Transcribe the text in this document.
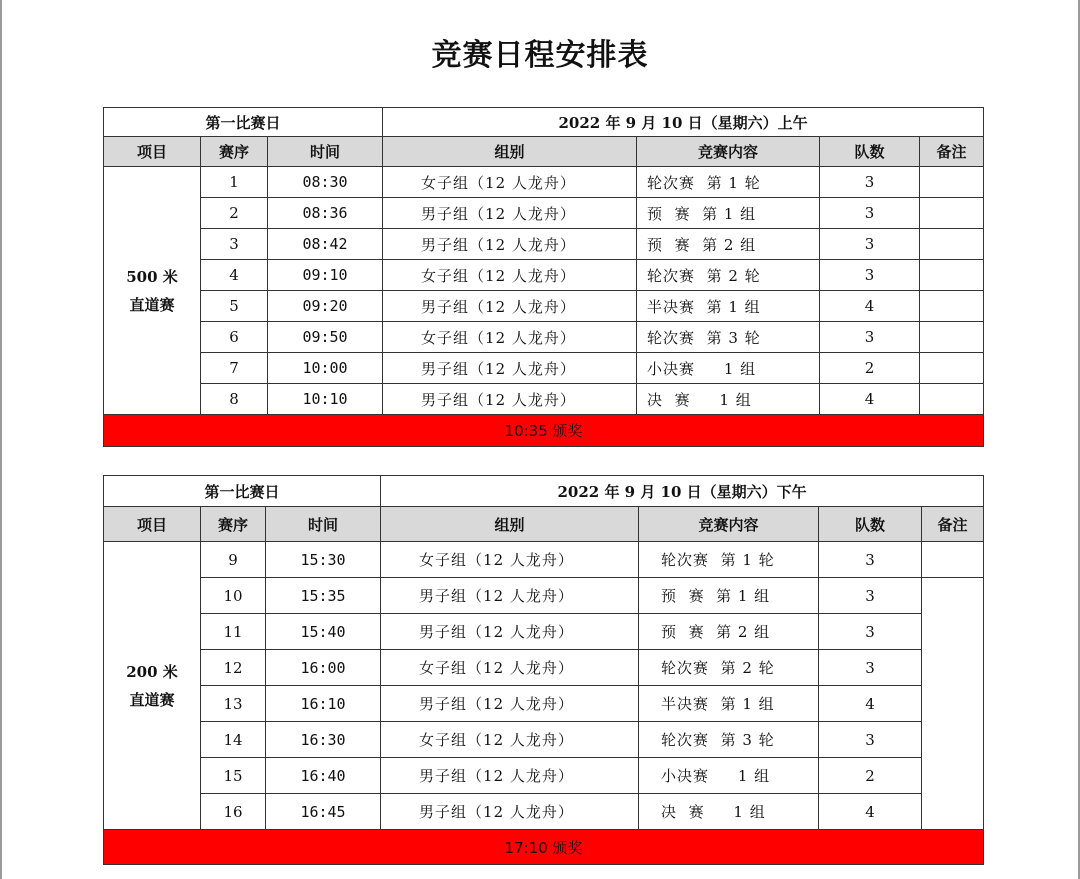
竞赛日程安排表
第一比赛日			2022 年 9 月 10 日（星期六）上午			
项目	赛序	时间	组别	竞赛内容	队数	备注

500 米
直道赛	1	08:30	女子组（12 人龙舟）	轮次赛  第 1 轮	3	
	2	08:36	男子组（12 人龙舟）	预  赛  第 1 组	3	
	3	08:42	男子组（12 人龙舟）	预  赛  第 2 组	3	
	4	09:10	女子组（12 人龙舟）	轮次赛  第 2 轮	3	
	5	09:20	男子组（12 人龙舟）	半决赛  第 1 组	4	
	6	09:50	女子组（12 人龙舟）	轮次赛  第 3 轮	3	
	7	10:00	男子组（12 人龙舟）	小决赛     1 组	2	
	8	10:10	男子组（12 人龙舟）	决  赛     1 组	4	
10:35 颁奖						
第一比赛日			2022 年 9 月 10 日（星期六）下午			
项目	赛序	时间	组别	竞赛内容	队数	备注

200 米
直道赛	9	15:30	女子组（12 人龙舟）	轮次赛  第 1 轮	3	
	10	15:35	男子组（12 人龙舟）	预  赛  第 1 组	3	
	11	15:40	男子组（12 人龙舟）	预  赛  第 2 组	3	
	12	16:00	女子组（12 人龙舟）	轮次赛  第 2 轮	3	
	13	16:10	男子组（12 人龙舟）	半决赛  第 1 组	4	
	14	16:30	女子组（12 人龙舟）	轮次赛  第 3 轮	3	
	15	16:40	男子组（12 人龙舟）	小决赛     1 组	2	
	16	16:45	男子组（12 人龙舟）	决  赛     1 组	4	
17:10 颁奖						
